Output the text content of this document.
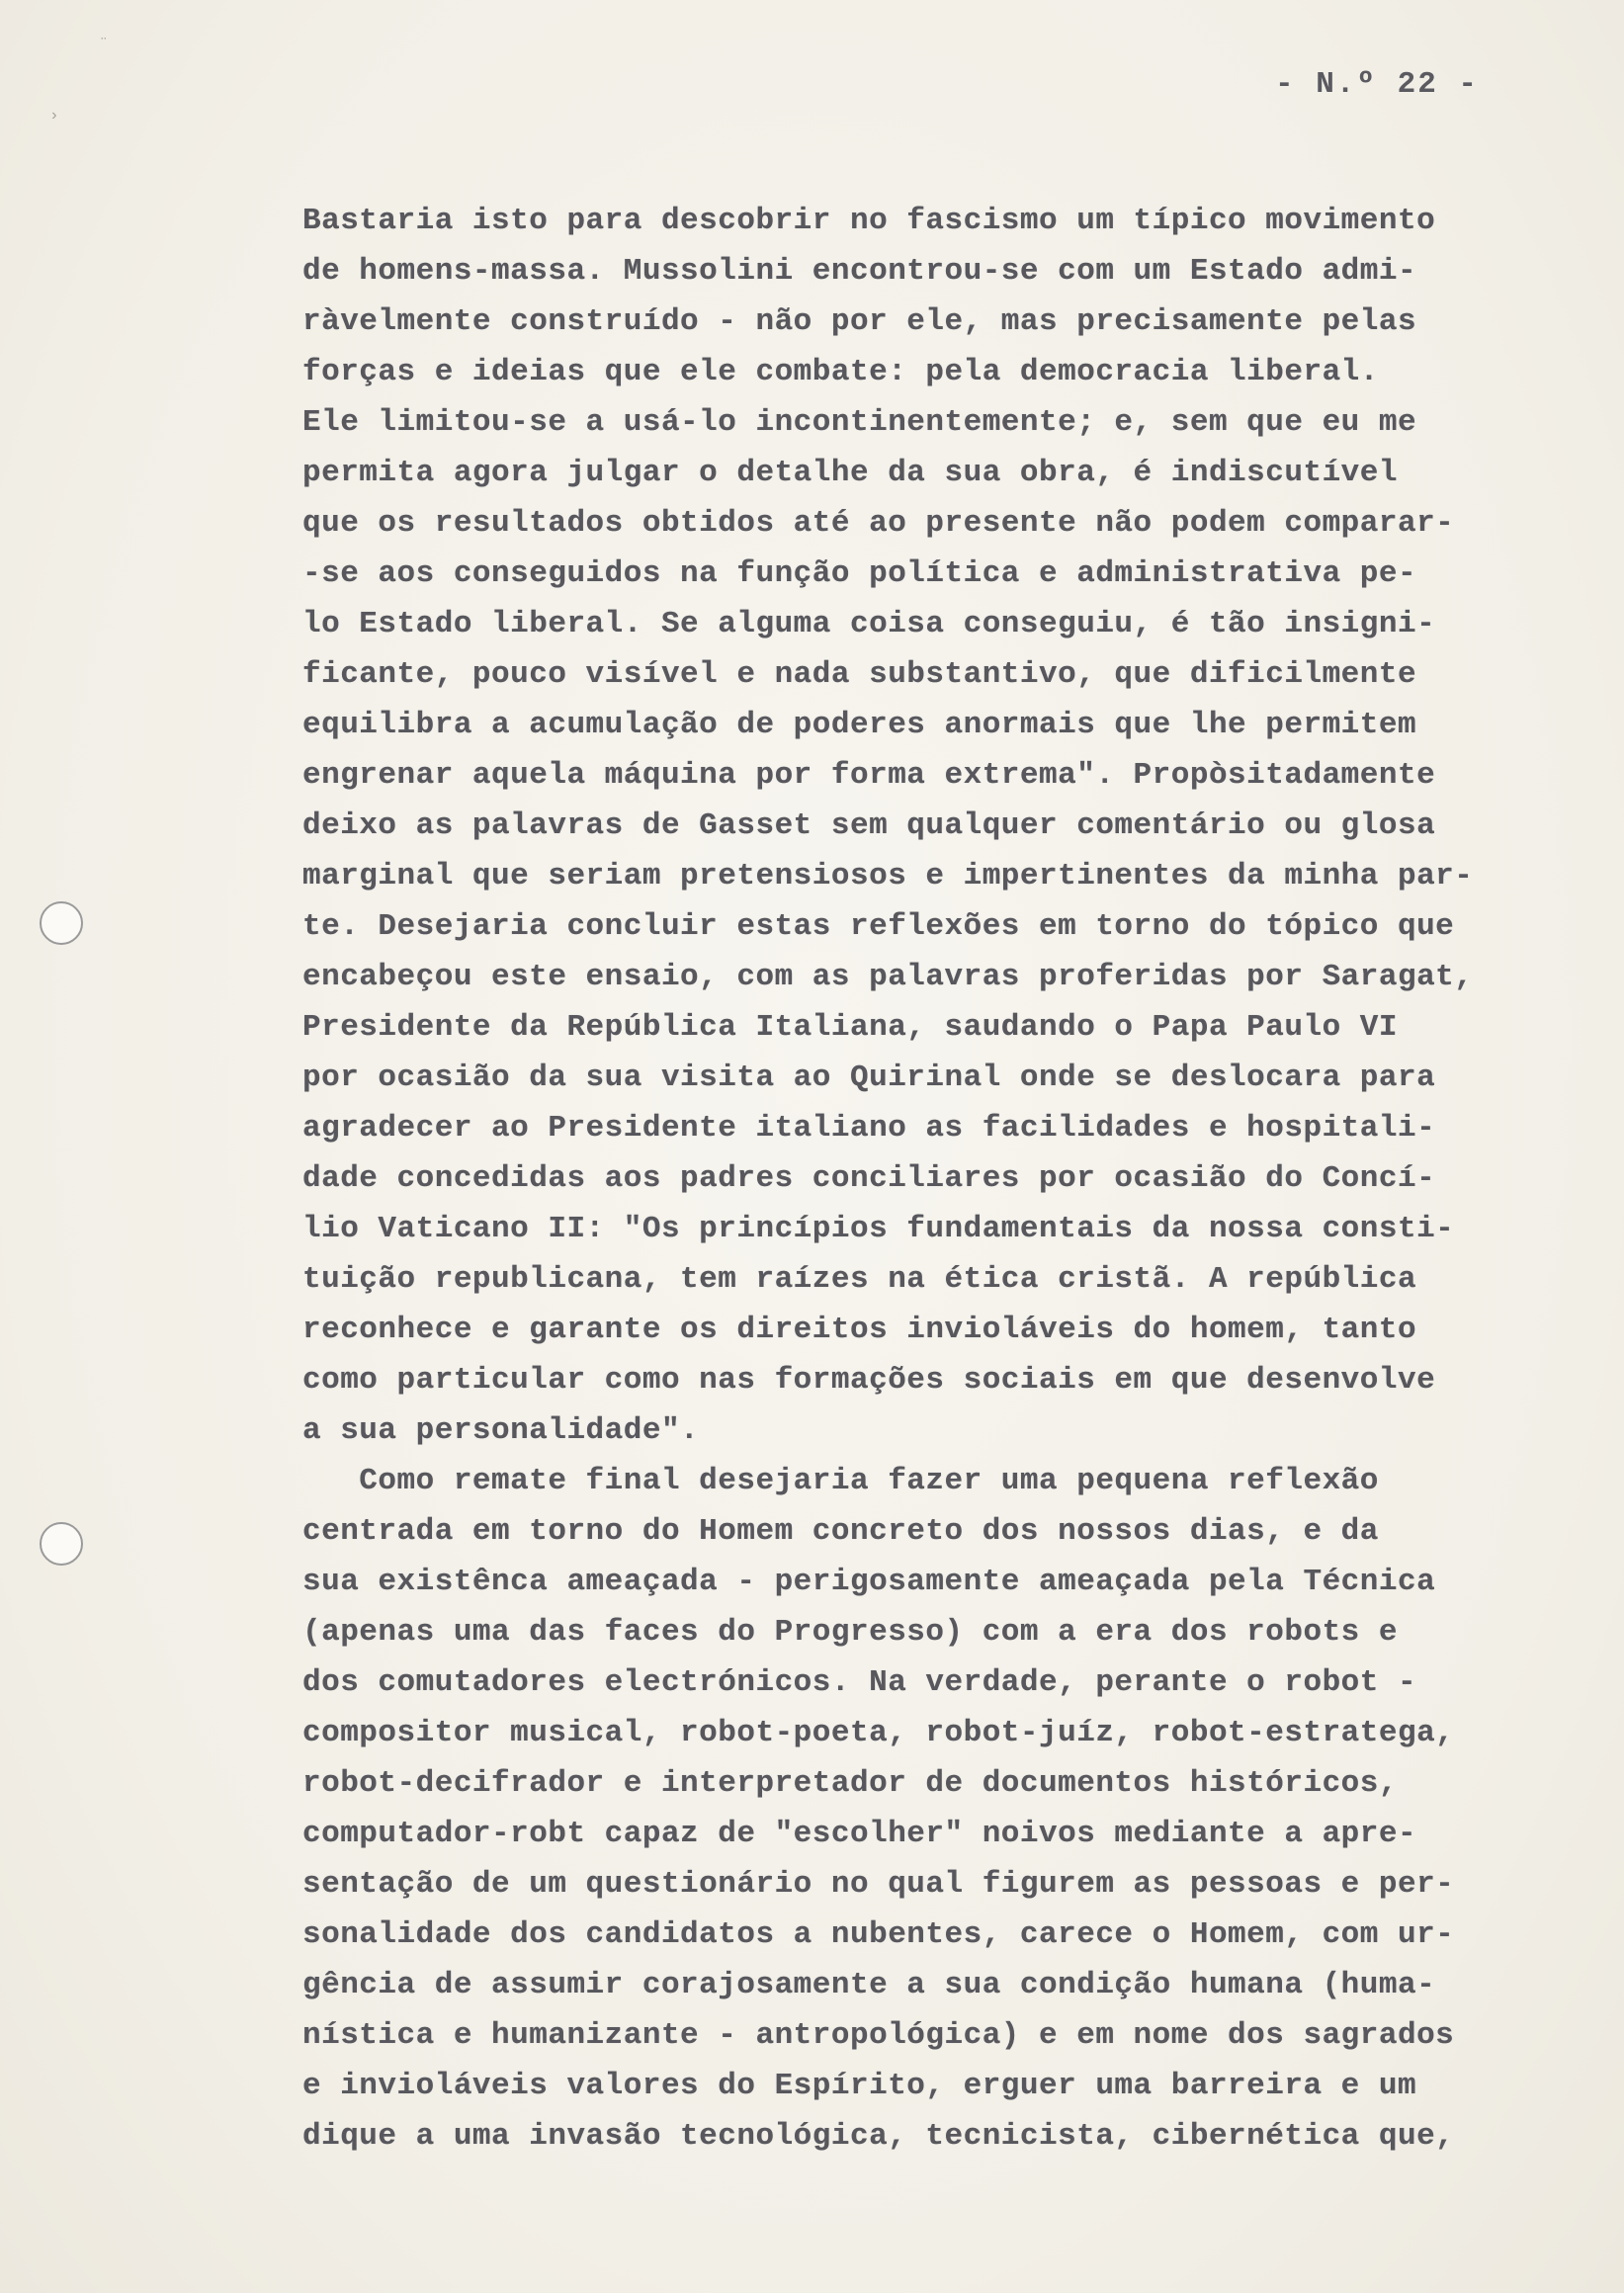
¨
›
- N.º 22 -
Bastaria isto para descobrir no fascismo um típico movimento
de homens-massa. Mussolini encontrou-se com um Estado admi-
ràvelmente construído - não por ele, mas precisamente pelas
forças e ideias que ele combate: pela democracia liberal.
Ele limitou-se a usá-lo incontinentemente; e, sem que eu me
permita agora julgar o detalhe da sua obra, é indiscutível
que os resultados obtidos até ao presente não podem comparar-
-se aos conseguidos na função política e administrativa pe-
lo Estado liberal. Se alguma coisa conseguiu, é tão insigni-
ficante, pouco visível e nada substantivo, que dificilmente
equilibra a acumulação de poderes anormais que lhe permitem
engrenar aquela máquina por forma extrema". Propòsitadamente
deixo as palavras de Gasset sem qualquer comentário ou glosa
marginal que seriam pretensiosos e impertinentes da minha par-
te. Desejaria concluir estas reflexões em torno do tópico que
encabeçou este ensaio, com as palavras proferidas por Saragat,
Presidente da República Italiana, saudando o Papa Paulo VI
por ocasião da sua visita ao Quirinal onde se deslocara para
agradecer ao Presidente italiano as facilidades e hospitali-
dade concedidas aos padres conciliares por ocasião do Concí-
lio Vaticano II: "Os princípios fundamentais da nossa consti-
tuição republicana, tem raízes na ética cristã. A república
reconhece e garante os direitos invioláveis do homem, tanto
como particular como nas formações sociais em que desenvolve
a sua personalidade".
Como remate final desejaria fazer uma pequena reflexão
centrada em torno do Homem concreto dos nossos dias, e da
sua existênca ameaçada - perigosamente ameaçada pela Técnica
(apenas uma das faces do Progresso) com a era dos robots e
dos comutadores electrónicos. Na verdade, perante o robot -
compositor musical, robot-poeta, robot-juíz, robot-estratega,
robot-decifrador e interpretador de documentos históricos,
computador-robt capaz de "escolher" noivos mediante a apre-
sentação de um questionário no qual figurem as pessoas e per-
sonalidade dos candidatos a nubentes, carece o Homem, com ur-
gência de assumir corajosamente a sua condição humana (huma-
nística e humanizante - antropológica) e em nome dos sagrados
e invioláveis valores do Espírito, erguer uma barreira e um
dique a uma invasão tecnológica, tecnicista, cibernética que,
